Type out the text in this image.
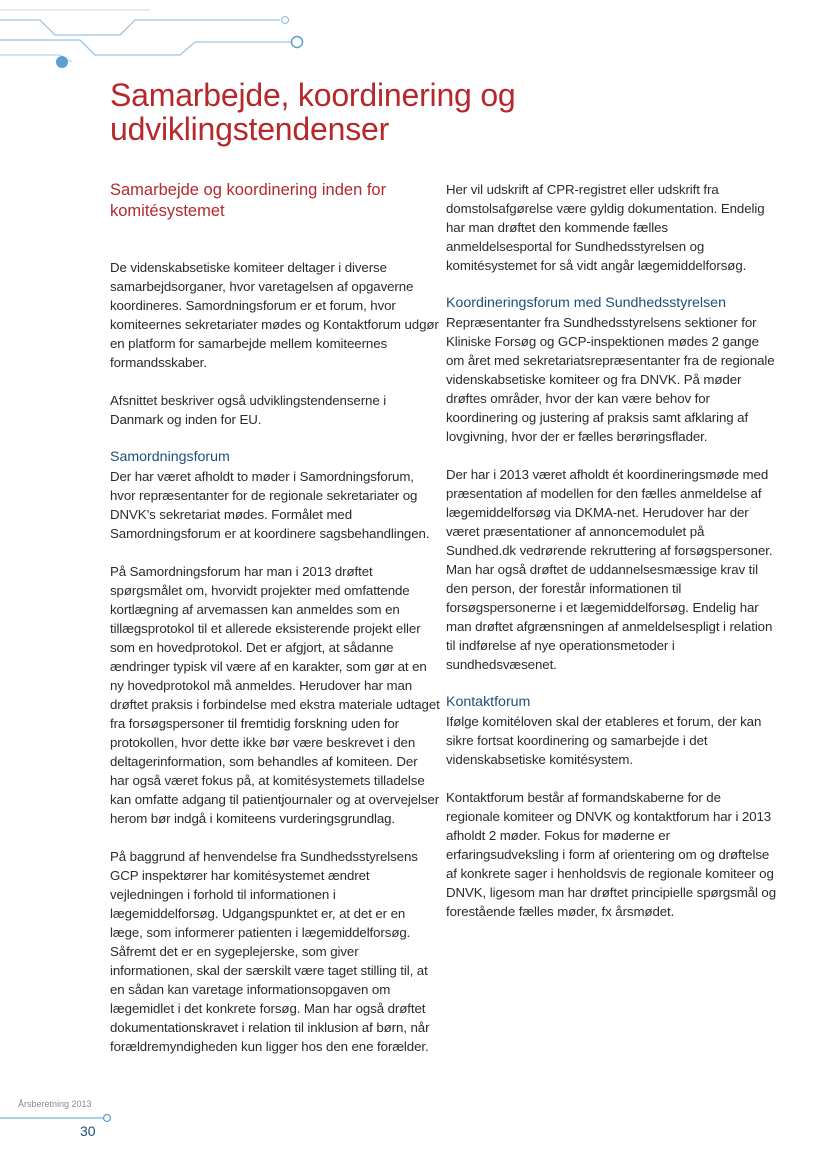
Samarbejde, koordinering og udviklingstendenser
Samarbejde og koordinering inden for komitésystemet

De videnskabsetiske komiteer deltager i diverse samarbejdsorganer, hvor varetagelsen af opgaverne koordineres. Samordningsforum er et forum, hvor komiteernes sekretariater mødes og Kontaktforum udgør en platform for samarbejde mellem komiteernes formandsskaber.

Afsnittet beskriver også udviklingstendenserne i Danmark og inden for EU.

Samordningsforum

Der har været afholdt to møder i Samordningsforum, hvor repræsentanter for de regionale sekretariater og DNVK’s sekretariat mødes. Formålet med Samordningsforum er at koordinere sagsbehandlingen.

På Samordningsforum har man i 2013 drøftet spørgsmålet om, hvorvidt projekter med omfattende kortlægning af arvemassen kan anmeldes som en tillægsprotokol til et allerede eksisterende projekt eller som en hovedprotokol. Det er afgjort, at sådanne ændringer typisk vil være af en karakter, som gør at en ny hovedprotokol må anmeldes. Herudover har man drøftet praksis i forbindelse med ekstra materiale udtaget fra forsøgspersoner til fremtidig forskning uden for protokollen, hvor dette ikke bør være beskrevet i den deltagerinformation, som behandles af komiteen. Der har også været fokus på, at komitésystemets tilladelse kan omfatte adgang til patientjournaler og at overvejelser herom bør indgå i komiteens vurderingsgrundlag.

På baggrund af henvendelse fra Sundhedsstyrelsens GCP inspektører har komitésystemet ændret vejledningen i forhold til informationen i lægemiddelforsøg. Udgangspunktet er, at det er en læge, som informerer patienten i lægemiddelforsøg. Såfremt det er en sygeplejerske, som giver informationen, skal der særskilt være taget stilling til, at en sådan kan varetage informationsopgaven om lægemidlet i det konkrete forsøg. Man har også drøftet dokumentationskravet i relation til inklusion af børn, når forældremyndigheden kun ligger hos den ene forælder.

Her vil udskrift af CPR-registret eller udskrift fra domstolsafgørelse være gyldig dokumentation. Endelig har man drøftet den kommende fælles anmeldelsesportal for Sundhedsstyrelsen og komitésystemet for så vidt angår lægemiddelforsøg.

Koordineringsforum med Sundhedsstyrelsen

Repræsentanter fra Sundhedsstyrelsens sektioner for Kliniske Forsøg og GCP-inspektionen mødes 2 gange om året med sekretariatsrepræsentanter fra de regionale videnskabsetiske komiteer og fra DNVK. På møder drøftes områder, hvor der kan være behov for koordinering og justering af praksis samt afklaring af lovgivning, hvor der er fælles berøringsflader.

Der har i 2013 været afholdt ét koordineringsmøde med præsentation af modellen for den fælles anmeldelse af lægemiddelforsøg via DKMA-net. Herudover har der været præsentationer af annoncemodulet på Sundhed.dk vedrørende rekruttering af forsøgspersoner. Man har også drøftet de uddannelsesmæssige krav til den person, der forestår informationen til forsøgspersonerne i et lægemiddelforsøg. Endelig har man drøftet afgrænsningen af anmeldelsespligt i relation til indførelse af nye operationsmetoder i sundhedsvæsenet.

Kontaktforum

Ifølge komitéloven skal der etableres et forum, der kan sikre fortsat koordinering og samarbejde i det videnskabsetiske komitésystem.

Kontaktforum består af formandskaberne for de regionale komiteer og DNVK og kontaktforum har i 2013 afholdt 2 møder. Fokus for møderne er erfaringsudveksling i form af orientering om og drøftelse af konkrete sager i henholdsvis de regionale komiteer og DNVK, ligesom man har drøftet principielle spørgsmål og forestående fælles møder, fx årsmødet.

Årsberetning 2013
30
